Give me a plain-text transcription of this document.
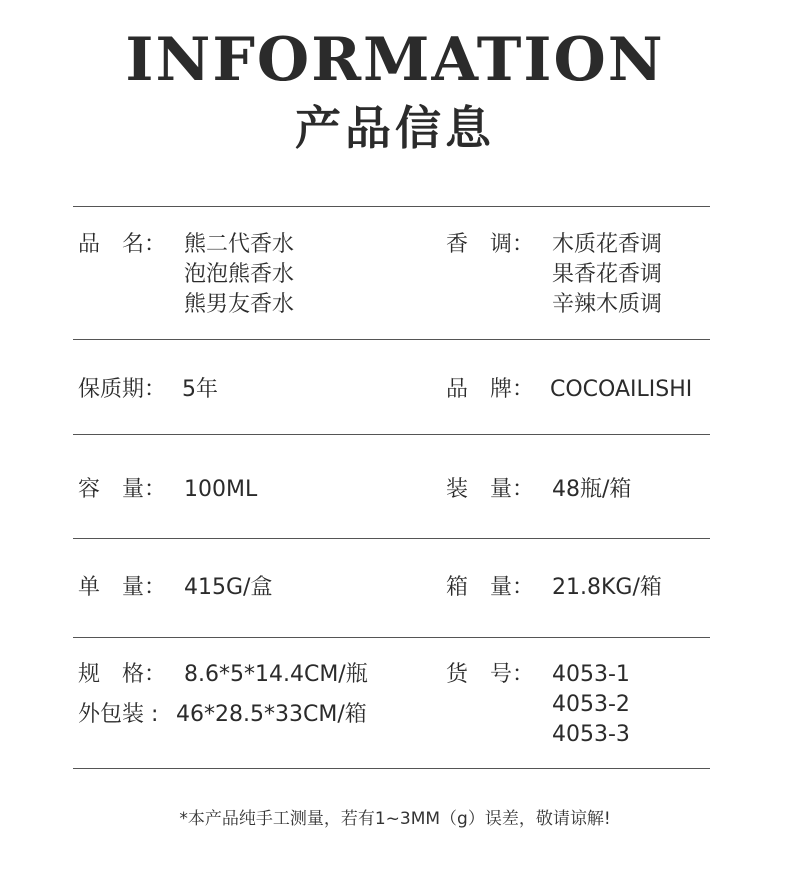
INFORMATION
产品信息
品　名： 熊二代香水
泡泡熊香水
熊男友香水
香　调： 木质花香调
果香花香调
辛辣木质调
保质期： 5年	品　牌： COCOAILISHI
容　量： 100ML	装　量： 48瓶/箱
单　量： 415G/盒	箱　量： 21.8KG/箱
规　格： 8.6*5*14.4CM/瓶
外包装 : 46*28.5*33CM/箱
货　号： 4053-1
4053-2
4053-3
*本产品纯手工测量，若有1~3MM（g）误差，敬请谅解!
